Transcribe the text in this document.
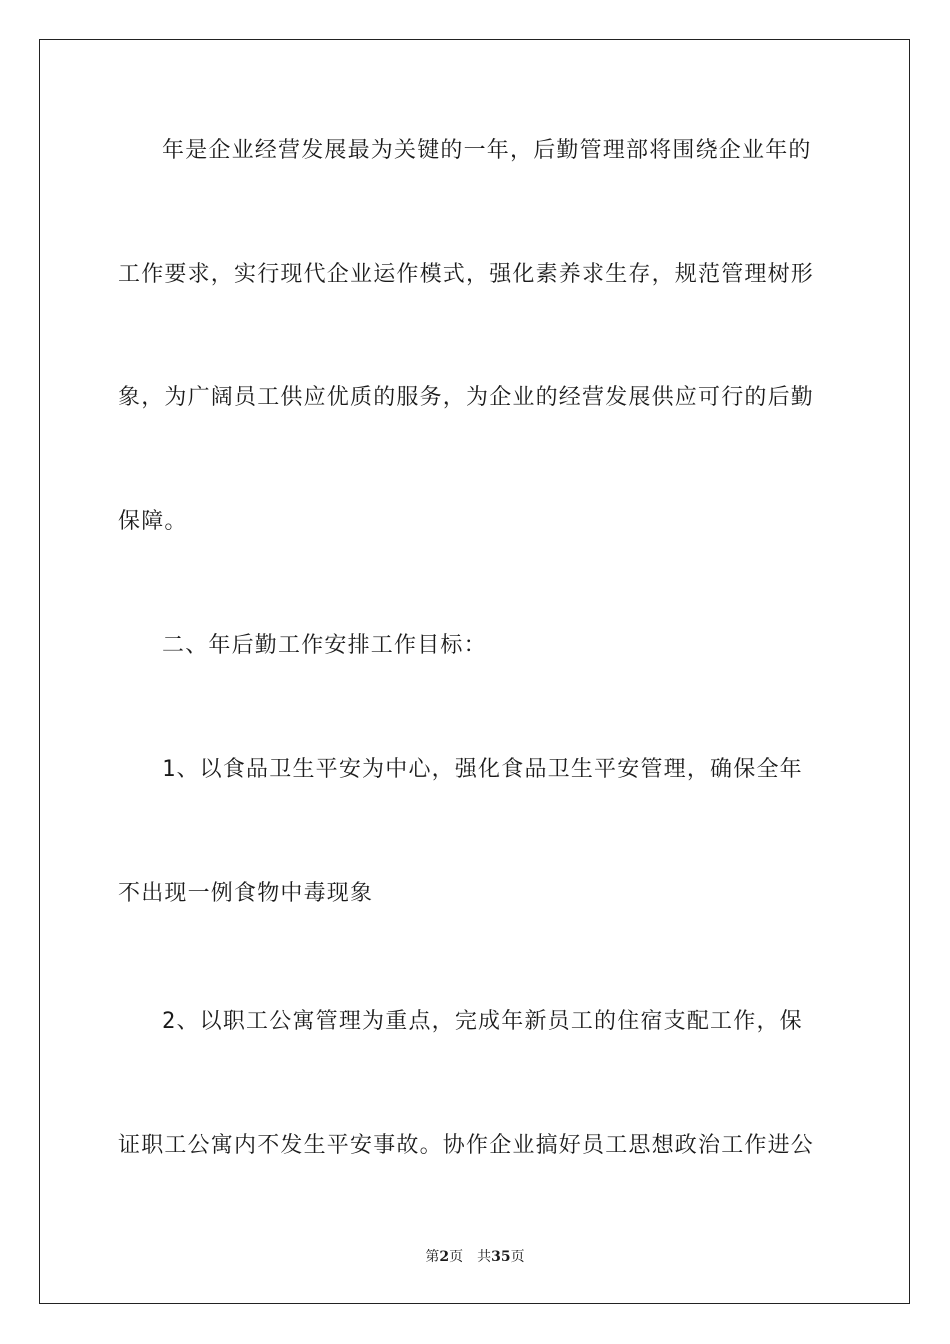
年是企业经营发展最为关键的一年，后勤管理部将围绕企业年的
工作要求，实行现代企业运作模式，强化素养求生存，规范管理树形
象，为广阔员工供应优质的服务，为企业的经营发展供应可行的后勤
保障。
二、年后勤工作安排工作目标：
1、以食品卫生平安为中心，强化食品卫生平安管理，确保全年
不出现一例食物中毒现象
2、以职工公寓管理为重点，完成年新员工的住宿支配工作，保
证职工公寓内不发生平安事故。协作企业搞好员工思想政治工作进公
第2页 共35页
